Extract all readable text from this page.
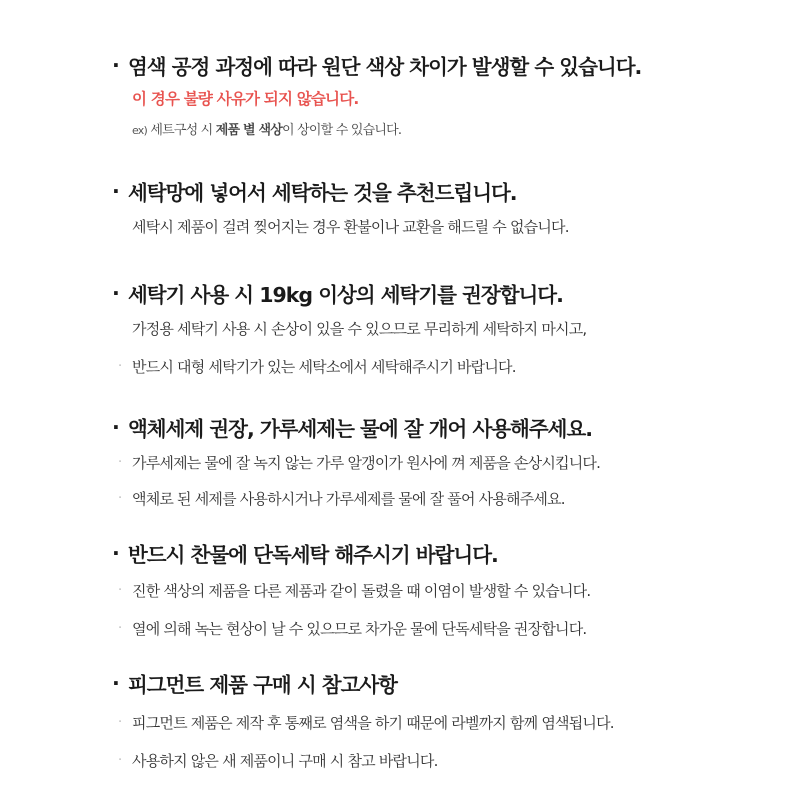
· 염색 공정 과정에 따라 원단 색상 차이가 발생할 수 있습니다.
이 경우 불량 사유가 되지 않습니다.
ex) 세트구성 시 제품 별 색상이 상이할 수 있습니다.
· 세탁망에 넣어서 세탁하는 것을 추천드립니다.
세탁시 제품이 걸려 찢어지는 경우 환불이나 교환을 해드릴 수 없습니다.
· 세탁기 사용 시 19kg 이상의 세탁기를 권장합니다.
가정용 세탁기 사용 시 손상이 있을 수 있으므로 무리하게 세탁하지 마시고,
· 반드시 대형 세탁기가 있는 세탁소에서 세탁해주시기 바랍니다.
· 액체세제 권장, 가루세제는 물에 잘 개어 사용해주세요.
· 가루세제는 물에 잘 녹지 않는 가루 알갱이가 원사에 껴 제품을 손상시킵니다.
· 액체로 된 세제를 사용하시거나 가루세제를 물에 잘 풀어 사용해주세요.
· 반드시 찬물에 단독세탁 해주시기 바랍니다.
· 진한 색상의 제품을 다른 제품과 같이 돌렸을 때 이염이 발생할 수 있습니다.
· 열에 의해 녹는 현상이 날 수 있으므로 차가운 물에 단독세탁을 권장합니다.
· 피그먼트 제품 구매 시 참고사항
· 피그먼트 제품은 제작 후 통째로 염색을 하기 때문에 라벨까지 함께 염색됩니다.
· 사용하지 않은 새 제품이니 구매 시 참고 바랍니다.
